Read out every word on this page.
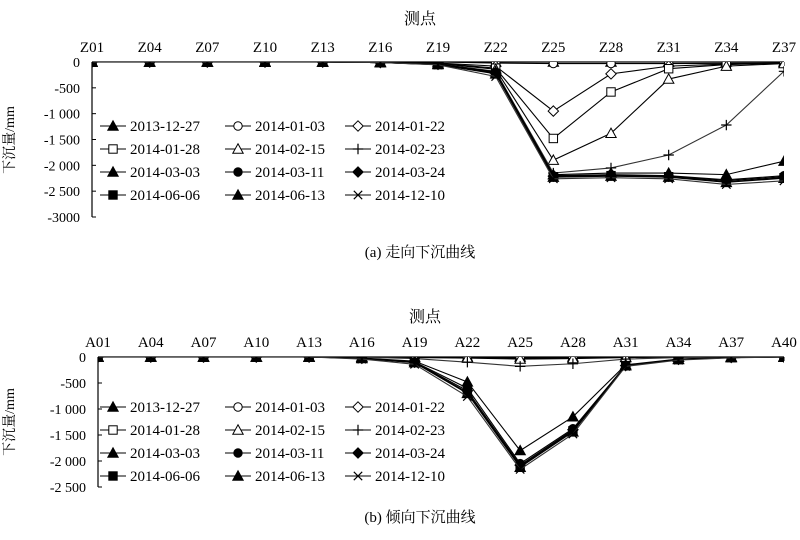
测点
下沉量/mm
Z01 Z04 Z07 Z10 Z13 Z16 Z19 Z22 Z25 Z28 Z31 Z34 Z37
0
-500
-1 000
-1 500
-2 000
-2 500
-3000
2013-12-27	2014-01-03	2014-01-22
2014-01-28	2014-02-15	2014-02-23
2014-03-03	2014-03-11	2014-03-24
2014-06-06	2014-06-13	2014-12-10
(a) 走向下沉曲线
测点
下沉量/mm
A01 A04 A07 A10 A13 A16 A19 A22 A25 A28 A31 A34 A37 A40
0
-500
-1 000
-1 500
-2 000
-2 500
2013-12-27	2014-01-03	2014-01-22
2014-01-28	2014-02-15	2014-02-23
2014-03-03	2014-03-11	2014-03-24
2014-06-06	2014-06-13	2014-12-10
(b) 倾向下沉曲线
